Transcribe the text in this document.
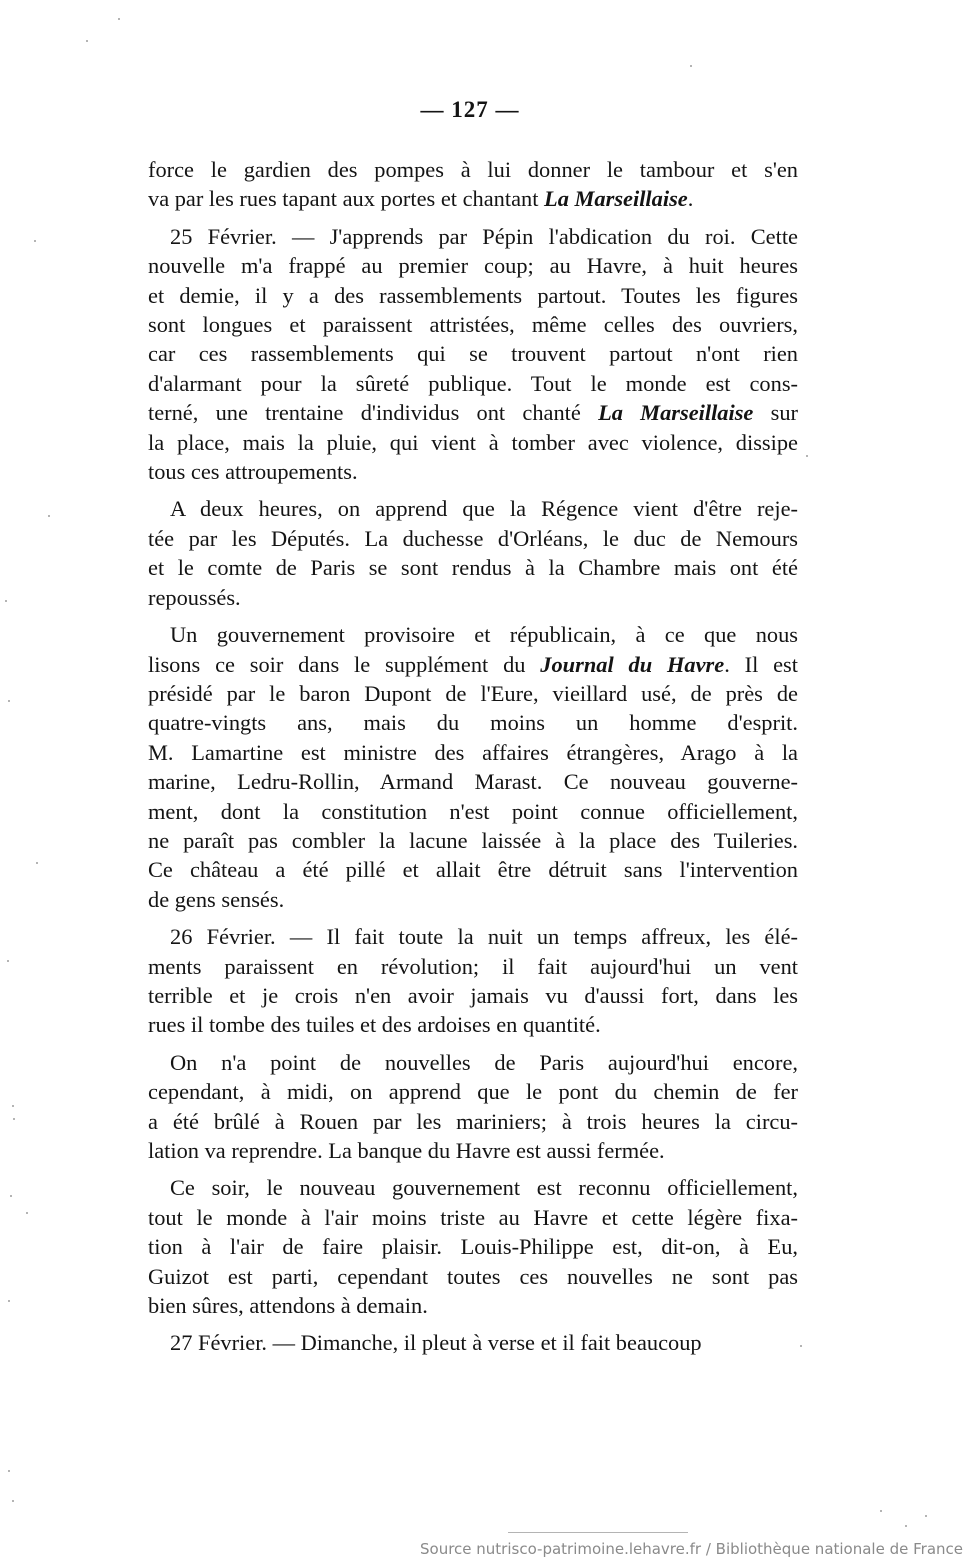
— 127 —

force le gardien des pompes à lui donner le tambour et s'en
va par les rues tapant aux portes et chantant La Marseillaise.

25 Février. — J'apprends par Pépin l'abdication du roi. Cette
nouvelle m'a frappé au premier coup; au Havre, à huit heures
et demie, il y a des rassemblements partout. Toutes les figures
sont longues et paraissent attristées, même celles des ouvriers,
car ces rassemblements qui se trouvent partout n'ont rien
d'alarmant pour la sûreté publique. Tout le monde est cons-
terné, une trentaine d'individus ont chanté La Marseillaise sur
la place, mais la pluie, qui vient à tomber avec violence, dissipe
tous ces attroupements.

A deux heures, on apprend que la Régence vient d'être reje-
tée par les Députés. La duchesse d'Orléans, le duc de Nemours
et le comte de Paris se sont rendus à la Chambre mais ont été
repoussés.

Un gouvernement provisoire et républicain, à ce que nous
lisons ce soir dans le supplément du Journal du Havre. Il est
présidé par le baron Dupont de l'Eure, vieillard usé, de près de
quatre-vingts ans, mais du moins un homme d'esprit.
M. Lamartine est ministre des affaires étrangères, Arago à la
marine, Ledru-Rollin, Armand Marast. Ce nouveau gouverne-
ment, dont la constitution n'est point connue officiellement,
ne paraît pas combler la lacune laissée à la place des Tuileries.
Ce château a été pillé et allait être détruit sans l'intervention
de gens sensés.

26 Février. — Il fait toute la nuit un temps affreux, les élé-
ments paraissent en révolution; il fait aujourd'hui un vent
terrible et je crois n'en avoir jamais vu d'aussi fort, dans les
rues il tombe des tuiles et des ardoises en quantité.

On n'a point de nouvelles de Paris aujourd'hui encore,
cependant, à midi, on apprend que le pont du chemin de fer
a été brûlé à Rouen par les mariniers; à trois heures la circu-
lation va reprendre. La banque du Havre est aussi fermée.

Ce soir, le nouveau gouvernement est reconnu officiellement,
tout le monde à l'air moins triste au Havre et cette légère fixa-
tion à l'air de faire plaisir. Louis-Philippe est, dit-on, à Eu,
Guizot est parti, cependant toutes ces nouvelles ne sont pas
bien sûres, attendons à demain.

27 Février. — Dimanche, il pleut à verse et il fait beaucoup

Source nutrisco-patrimoine.lehavre.fr / Bibliothèque nationale de France
